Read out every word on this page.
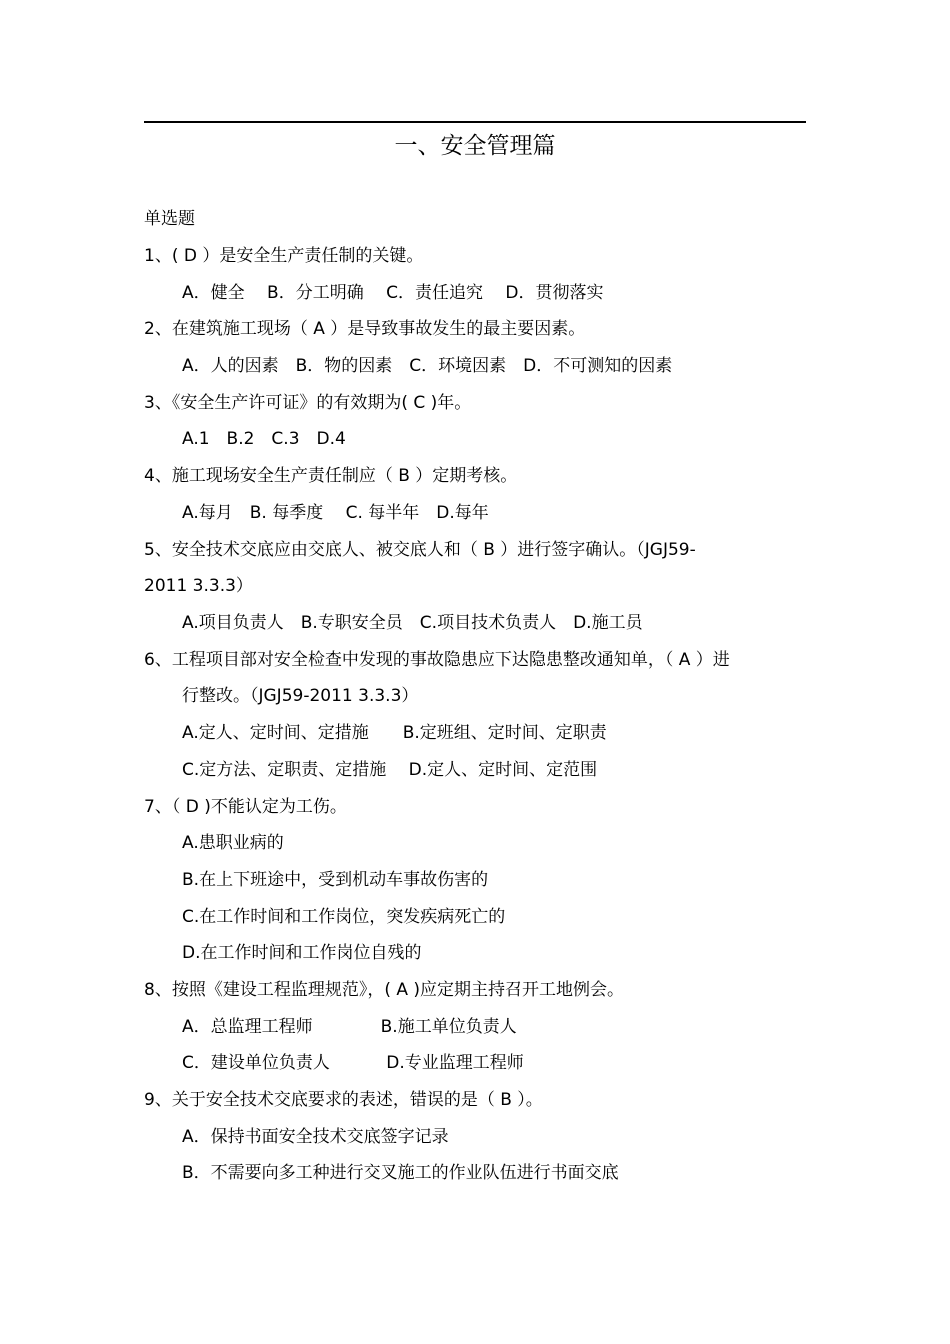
一、安全管理篇
单选题
1、( D ）是安全生产责任制的关键。
A．健全　 B．分工明确　 C．责任追究　 D．贯彻落实
2、在建筑施工现场（ A ）是导致事故发生的最主要因素。
A．人的因素　B．物的因素　C．环境因素　D．不可测知的因素
3、《安全生产许可证》的有效期为( C )年。
A.1　B.2　C.3　D.4
4、施工现场安全生产责任制应（ B ）定期考核。
A.每月　B. 每季度　 C. 每半年　D.每年
5、安全技术交底应由交底人、被交底人和（ B ）进行签字确认。（JGJ59-
2011 3.3.3）
A.项目负责人　B.专职安全员　C.项目技术负责人　D.施工员
6、工程项目部对安全检查中发现的事故隐患应下达隐患整改通知单，（ A ）进
行整改。（JGJ59-2011 3.3.3）
A.定人、定时间、定措施　　B.定班组、定时间、定职责
C.定方法、定职责、定措施　 D.定人、定时间、定范围
7、（ D )不能认定为工伤。
A.患职业病的
B.在上下班途中，受到机动车事故伤害的
C.在工作时间和工作岗位，突发疾病死亡的
D.在工作时间和工作岗位自残的
8、按照《建设工程监理规范》，( A )应定期主持召开工地例会。
A．总监理工程师　　　　B.施工单位负责人
C．建设单位负责人　　　 D.专业监理工程师
9、关于安全技术交底要求的表述，错误的是（ B ）。
A．保持书面安全技术交底签字记录
B．不需要向多工种进行交叉施工的作业队伍进行书面交底
